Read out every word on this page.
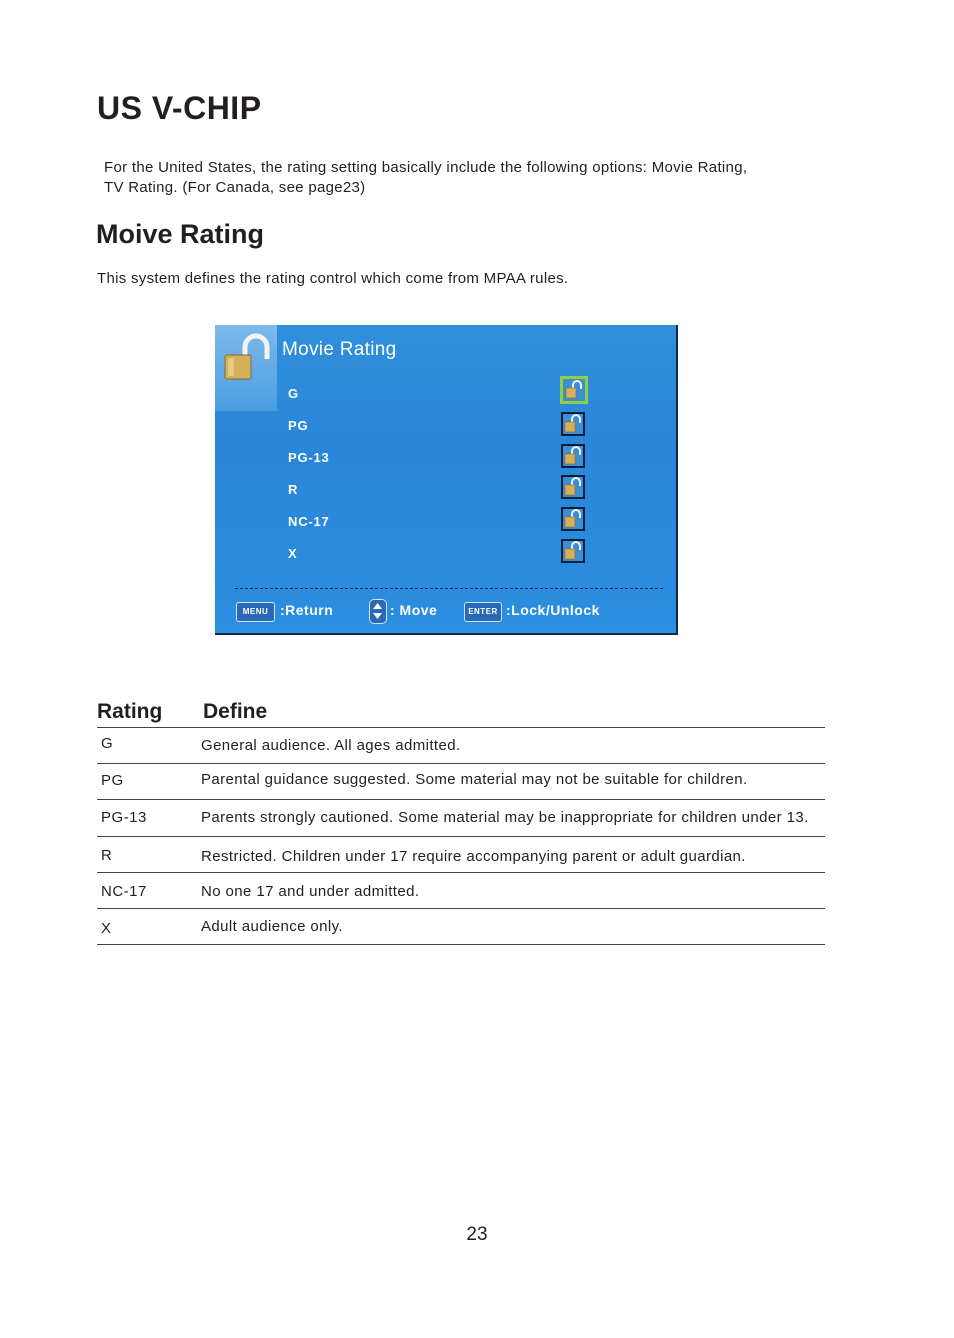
US V-CHIP
For the United States, the rating setting basically include the following options: Movie Rating,
TV Rating. (For Canada, see page23)
Moive Rating
This system defines the rating control which come from MPAA rules.
Movie Rating
G
PG
PG-13
R
NC-17
X
MENU :Return	: Move	ENTER :Lock/Unlock
Rating Define
G	General audience. All ages admitted.
PG	Parental guidance suggested. Some material may not be suitable for children.
PG-13	Parents strongly cautioned. Some material may be inappropriate for children under 13.
R	Restricted. Children under 17 require accompanying parent or adult guardian.
NC-17	No one 17 and under admitted.
X	Adult audience only.
23
